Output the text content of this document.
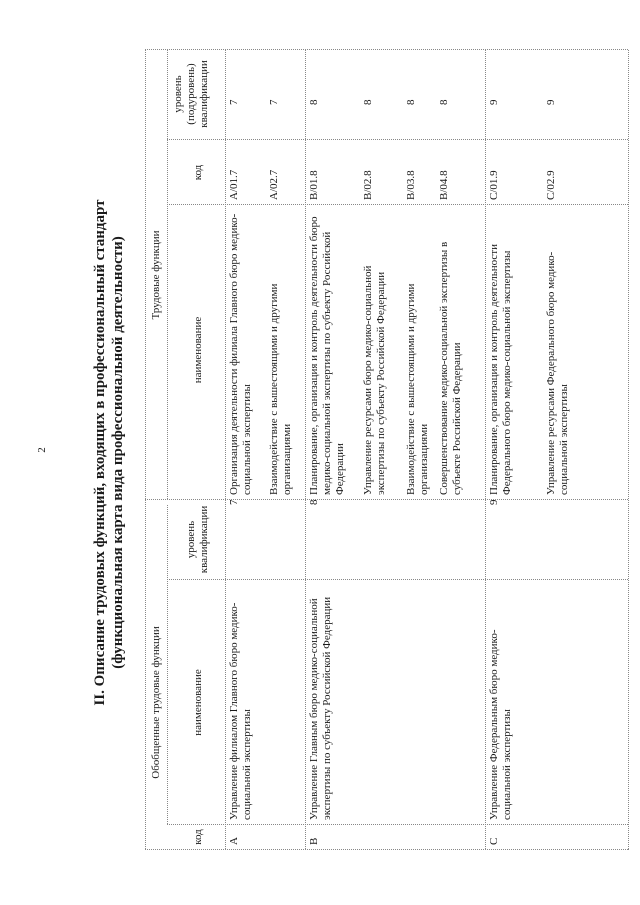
2	II. Описание трудовых функций, входящих в профессиональный стандарт (функциональная карта вида профессиональной деятельности)
Обобщенные трудовые функции
код
наименование
уровень квалификации
Трудовые функции
наименование
код
уровень (подуровень) квалификации
A
Управление филиалом Главного бюро медико-социальной экспертизы
7
Организация деятельности филиала Главного бюро медико-социальной экспертизы
A/01.7
7
Взаимодействие с вышестоящими и другими организациями
A/02.7
7
B
Управление Главным бюро медико-социальной экспертизы по субъекту Российской Федерации
8
Планирование, организация и контроль деятельности бюро медико-социальной экспертизы по субъекту Российской Федерации
B/01.8
8
Управление ресурсами бюро медико-социальной экспертизы по субъекту Российской Федерации
B/02.8
8
Взаимодействие с вышестоящими и другими организациями
B/03.8
8
Совершенствование медико-социальной экспертизы в субъекте Российской Федерации
B/04.8
8
C
Управление Федеральным бюро медико-социальной экспертизы
9
Планирование, организация и контроль деятельности Федерального бюро медико-социальной экспертизы
C/01.9
9
Управление ресурсами Федерального бюро медико-социальной экспертизы
C/02.9
9
